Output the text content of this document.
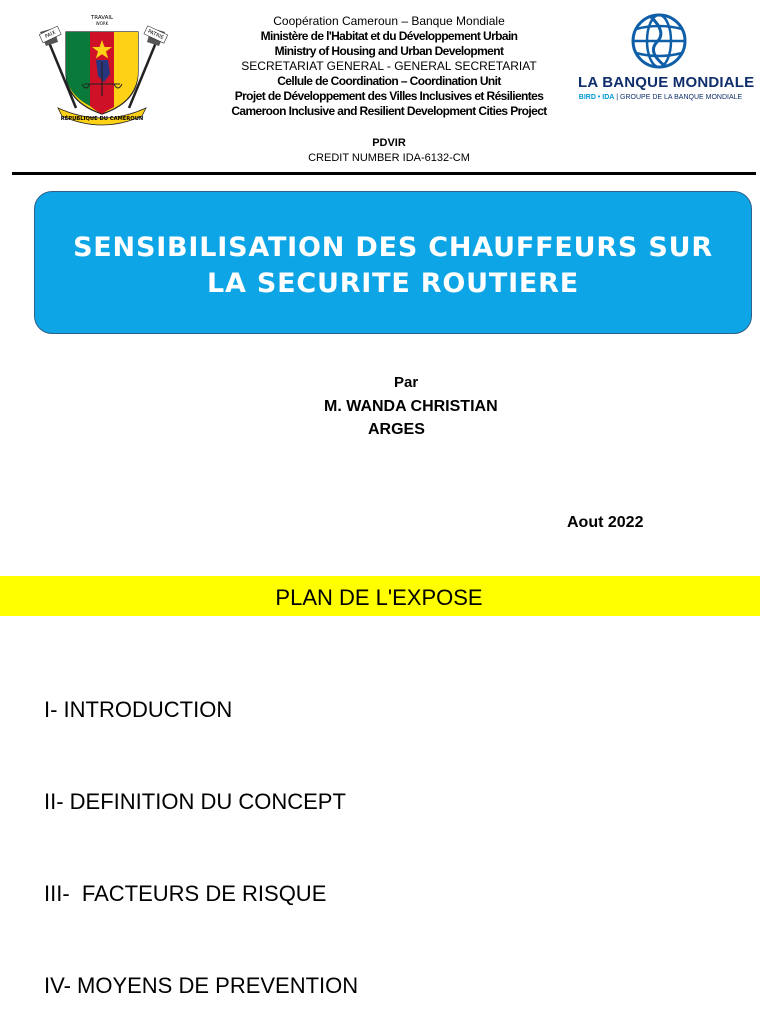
PAIX	PATRIE
TRAVAIL
WORK
RÉPUBLIQUE DU CAMEROUN
Coopération Cameroun – Banque Mondiale
Ministère de l'Habitat et du Développement Urbain
Ministry of Housing and Urban Development
SECRETARIAT GENERAL - GENERAL SECRETARIAT
Cellule de Coordination – Coordination Unit
Projet de Développement des Villes Inclusives et Résilientes
Cameroon Inclusive and Resilient Development Cities Project
PDVIR
CREDIT NUMBER IDA-6132-CM
LA BANQUE MONDIALE
BIRD • IDA | GROUPE DE LA BANQUE MONDIALE
SENSIBILISATION DES CHAUFFEURS SUR
LA SECURITE ROUTIERE
Par
M. WANDA CHRISTIAN
ARGES
Aout 2022
PLAN DE L'EXPOSE
I- INTRODUCTION
II- DEFINITION DU CONCEPT
III-  FACTEURS DE RISQUE
IV- MOYENS DE PREVENTION
